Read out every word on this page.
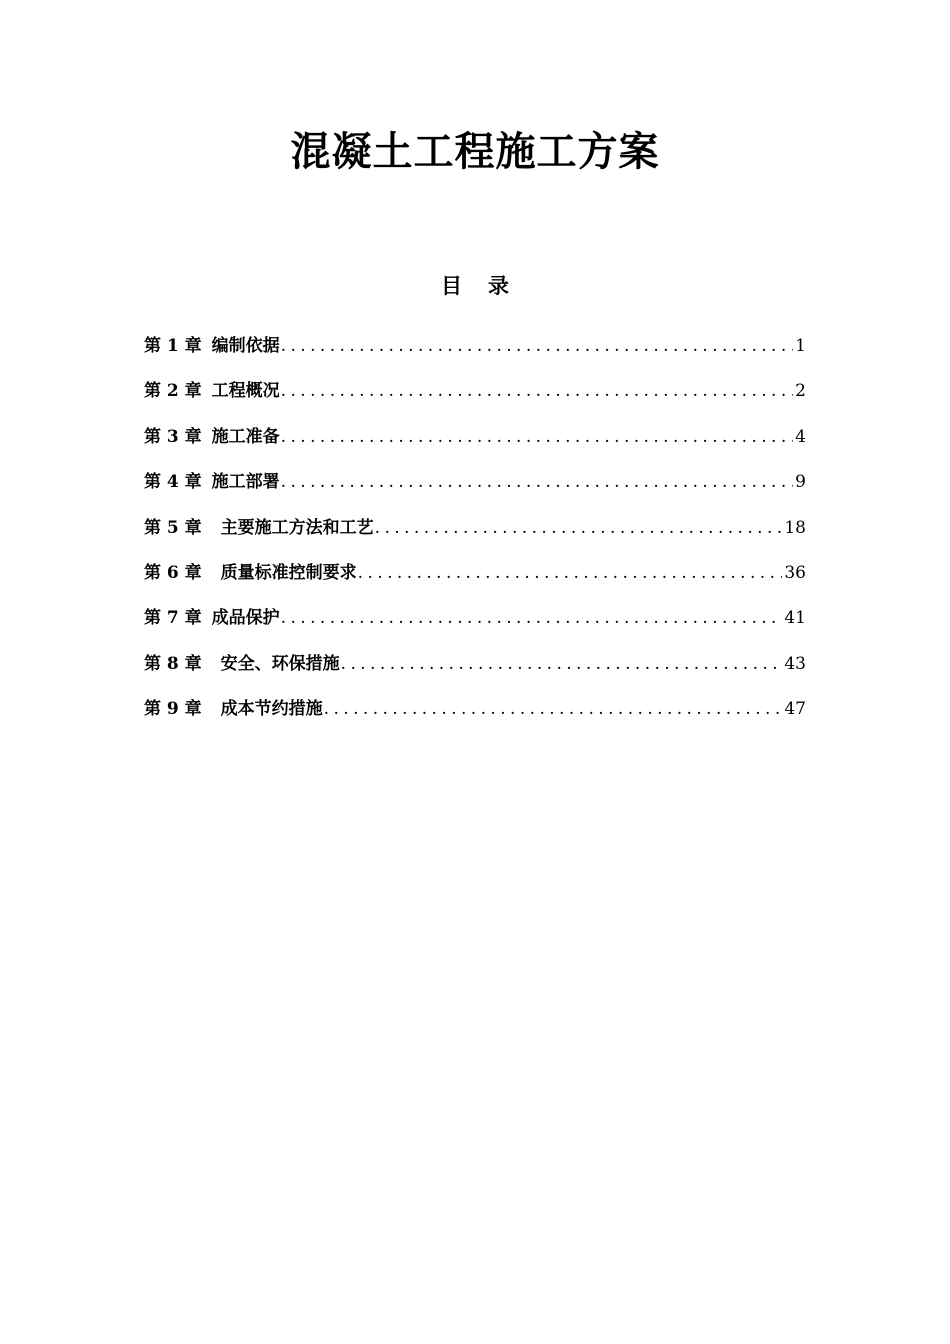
混凝土工程施工方案
目 录
第 1 章 编制依据 . . .	1
第 2 章 工程概况 . . .	2
第 3 章 施工准备 . . .	4
第 4 章 施工部署 . . .	9
第 5 章 主要施工方法和工艺 . . .	18
第 6 章 质量标准控制要求 . . .	36
第 7 章 成品保护 . . .	41
第 8 章 安全、环保措施 . . .	43
第 9 章 成本节约措施 . . .	47
